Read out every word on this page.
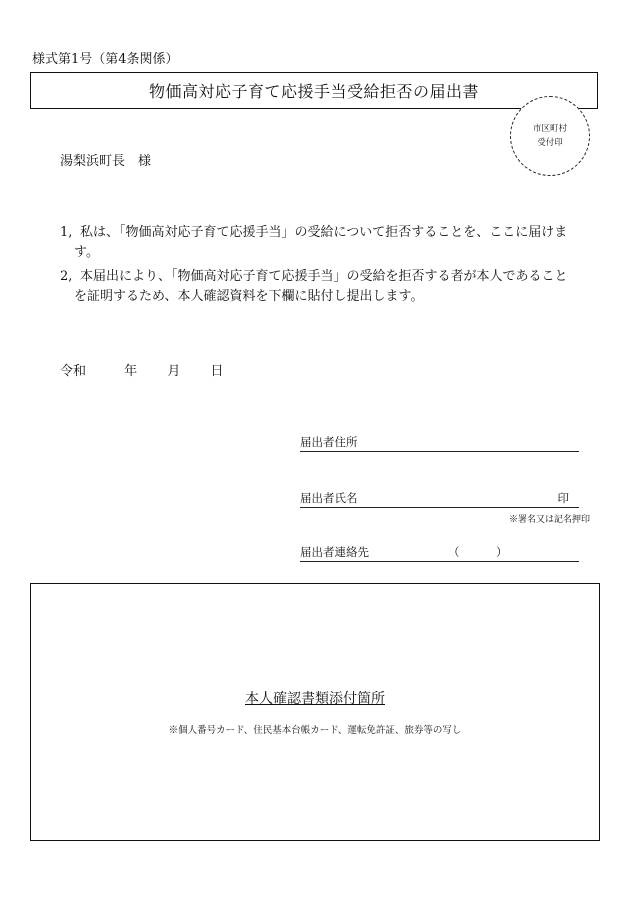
様式第1号（第4条関係）
物価高対応子育て応援手当受給拒否の届出書
市区町村
受付印
湯梨浜町長　様
1, 私は、「物価高対応子育て応援手当」の受給について拒否することを、ここに届けます。
2, 本届出により、「物価高対応子育て応援手当」の受給を拒否する者が本人であることを証明するため、本人確認資料を下欄に貼付し提出します。
令和	年 月 日
届出者住所
届出者氏名	印
※署名又は記名押印
届出者連絡先	（	）
本人確認書類添付箇所
※個人番号カード、住民基本台帳カード、運転免許証、旅券等の写し
